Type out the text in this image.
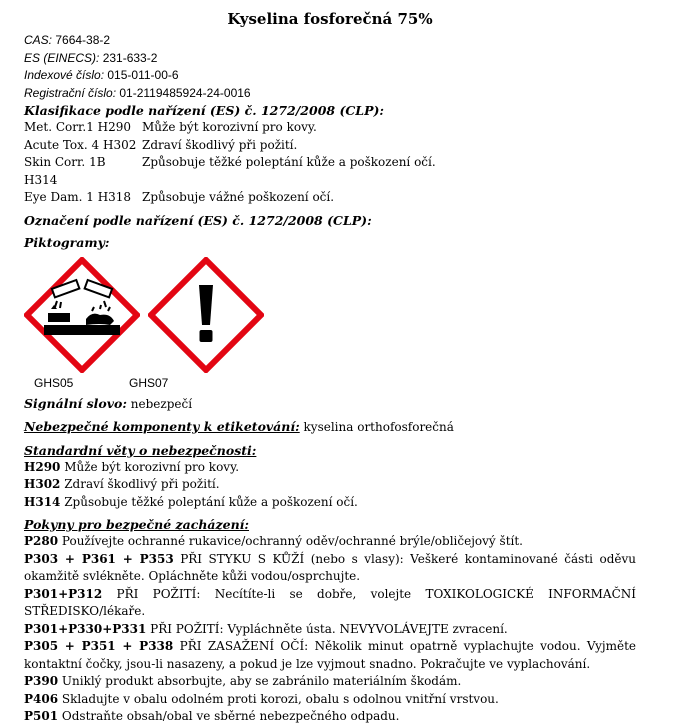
Kyselina fosforečná 75%
CAS: 7664-38-2
ES (EINECS): 231-633-2
Indexové číslo: 015-011-00-6
Registrační číslo: 01-2119485924-24-0016
Klasifikace podle nařízení (ES) č. 1272/2008 (CLP):
Met. Corr.1 H290 Může být korozivní pro kovy.
Acute Tox. 4 H302 Zdraví škodlivý při požití.
Skin Corr. 1B H314
Způsobuje těžké poleptání kůže a poškození očí.
Eye Dam. 1 H318 Způsobuje vážné poškození očí.
Označení podle nařízení (ES) č. 1272/2008 (CLP):
Piktogramy:
GHS05	GHS07
Signální slovo: nebezpečí
Nebezpečné komponenty k etiketování: kyselina orthofosforečná
Standardní věty o nebezpečnosti:
H290 Může být korozivní pro kovy.
H302 Zdraví škodlivý při požití.
H314 Způsobuje těžké poleptání kůže a poškození očí.
Pokyny pro bezpečné zacházení:
P280 Používejte ochranné rukavice/ochranný oděv/ochranné brýle/obličejový štít.
P303 + P361 + P353 PŘI STYKU S KŮŽÍ (nebo s vlasy): Veškeré kontaminované části oděvu okamžitě svlékněte. Opláchněte kůži vodou/osprchujte.
P301+P312 PŘI POŽITÍ: Necítíte-li se dobře, volejte TOXIKOLOGICKÉ INFORMAČNÍ STŘEDISKO/lékaře.
P301+P330+P331 PŘI POŽITÍ: Vypláchněte ústa. NEVYVOLÁVEJTE zvracení.
P305 + P351 + P338 PŘI ZASAŽENÍ OČÍ: Několik minut opatrně vyplachujte vodou. Vyjměte kontaktní čočky, jsou-li nasazeny, a pokud je lze vyjmout snadno. Pokračujte ve vyplachování.
P390 Uniklý produkt absorbujte, aby se zabránilo materiálním škodám.
P406 Skladujte v obalu odolném proti korozi, obalu s odolnou vnitřní vrstvou.
P501 Odstraňte obsah/obal ve sběrné nebezpečného odpadu.
